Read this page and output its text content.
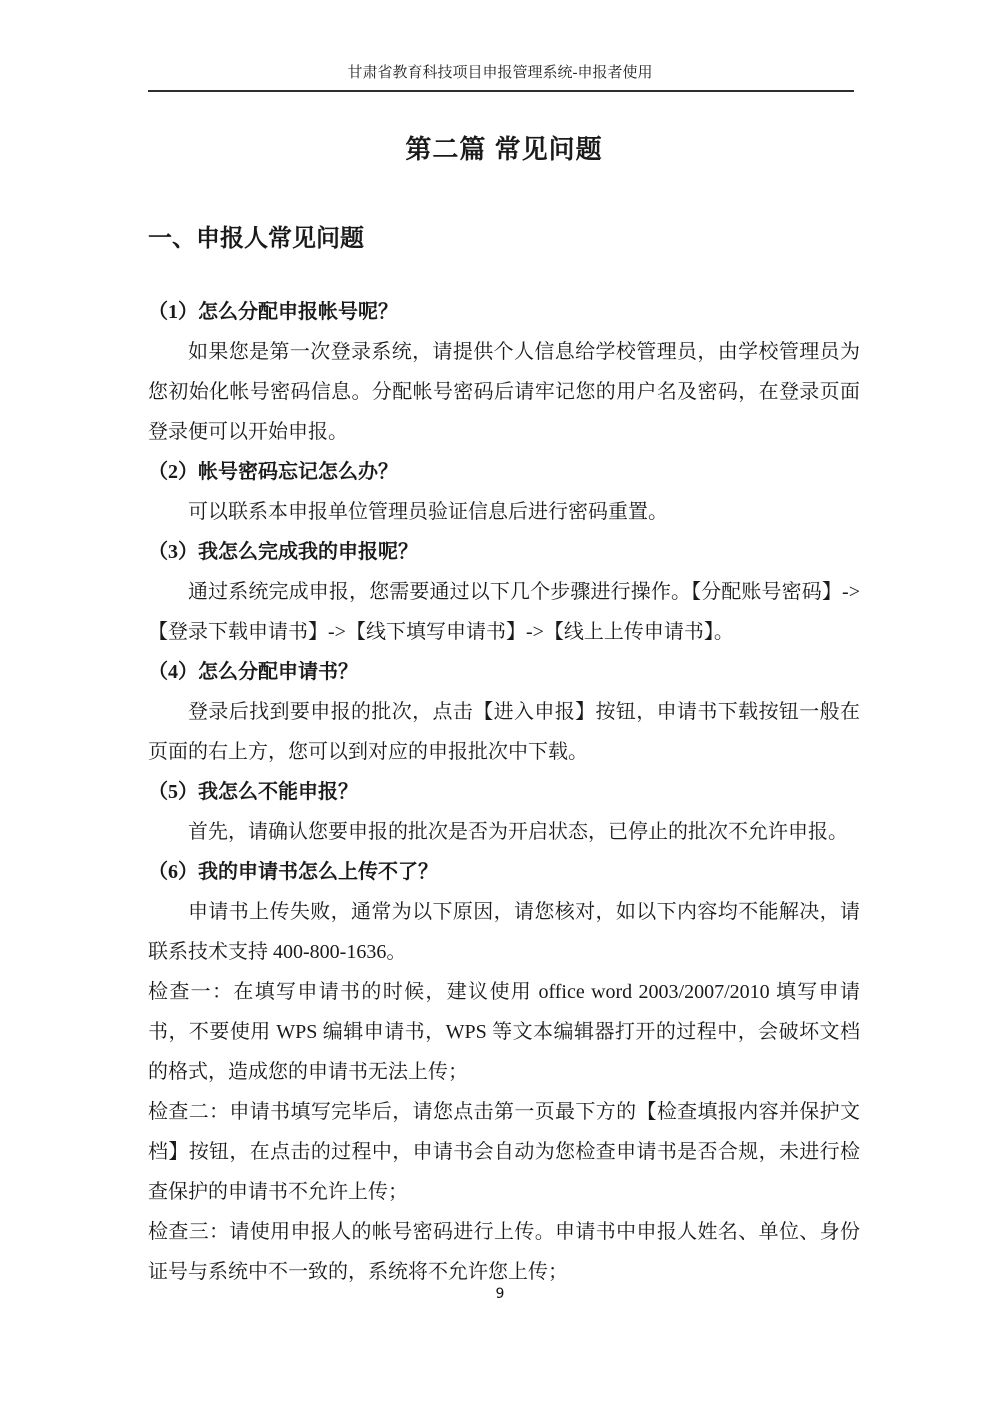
甘肃省教育科技项目申报管理系统-申报者使用
第二篇 常见问题
一、申报人常见问题

（1）怎么分配申报帐号呢？

如果您是第一次登录系统，请提供个人信息给学校管理员，由学校管理员为您初始化帐号密码信息。分配帐号密码后请牢记您的用户名及密码，在登录页面登录便可以开始申报。

（2）帐号密码忘记怎么办？

可以联系本申报单位管理员验证信息后进行密码重置。

（3）我怎么完成我的申报呢？

通过系统完成申报，您需要通过以下几个步骤进行操作。【分配账号密码】->【登录下载申请书】->【线下填写申请书】->【线上上传申请书】。

（4）怎么分配申请书？

登录后找到要申报的批次，点击【进入申报】按钮，申请书下载按钮一般在页面的右上方，您可以到对应的申报批次中下载。

（5）我怎么不能申报？

首先，请确认您要申报的批次是否为开启状态，已停止的批次不允许申报。

（6）我的申请书怎么上传不了？

申请书上传失败，通常为以下原因，请您核对，如以下内容均不能解决，请联系技术支持 400-800-1636。

检查一：在填写申请书的时候，建议使用 office word 2003/2007/2010 填写申请书，不要使用 WPS 编辑申请书，WPS 等文本编辑器打开的过程中，会破坏文档的格式，造成您的申请书无法上传；

检查二：申请书填写完毕后，请您点击第一页最下方的【检查填报内容并保护文档】按钮，在点击的过程中，申请书会自动为您检查申请书是否合规，未进行检查保护的申请书不允许上传；

检查三：请使用申报人的帐号密码进行上传。申请书中申报人姓名、单位、身份证号与系统中不一致的，系统将不允许您上传；

9
